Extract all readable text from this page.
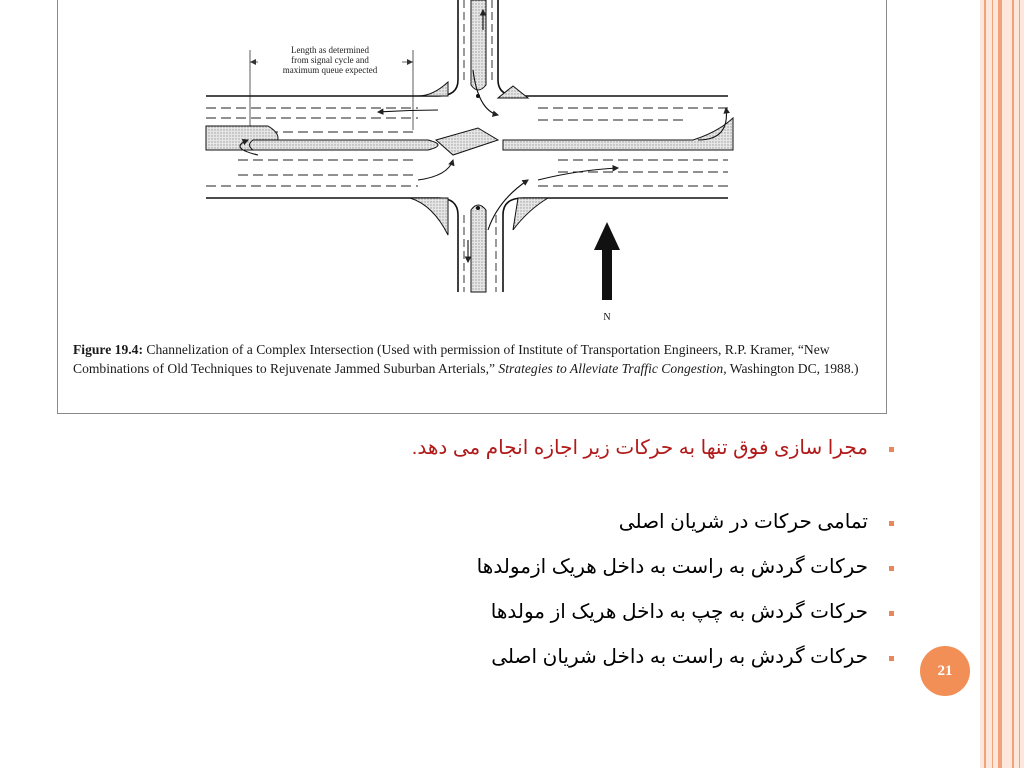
Length as determined
from signal cycle and
maximum queue expected
N
Figure 19.4: Channelization of a Complex Intersection (Used with permission of Institute of Transportation Engineers, R.P. Kramer, “New Combinations of Old Techniques to Rejuvenate Jammed Suburban Arterials,” Strategies to Alleviate Traffic Congestion, Washington DC, 1988.)
مجرا سازی فوق تنها به حرکات زیر اجازه انجام می دهد.
تمامی حرکات در شریان اصلی
حرکات گردش به راست به داخل هریک ازمولدها
حرکات گردش به چپ به داخل هریک از مولدها
حرکات گردش به راست به داخل شریان اصلی
21
